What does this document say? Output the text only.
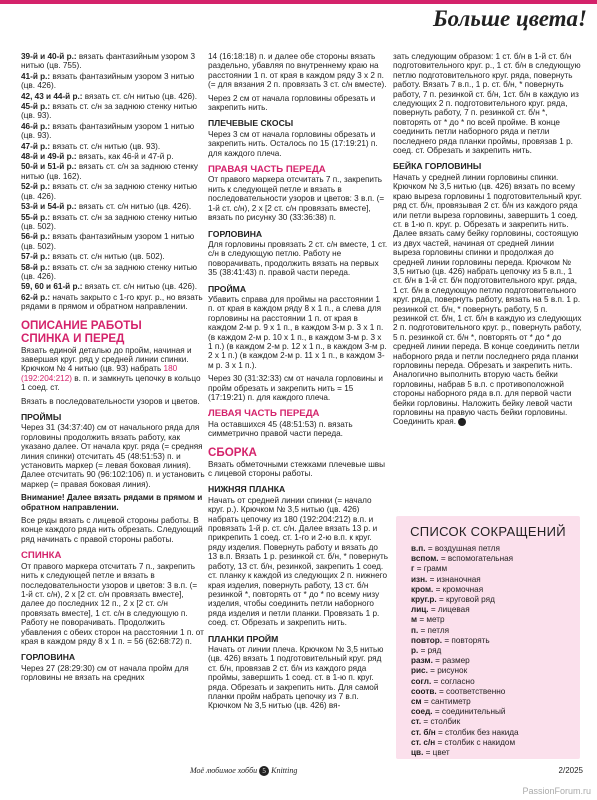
Больше цвета!

39-й и 40-й р.: вязать фантазийным узором 3 нитью (цв. 755).

41-й р.: вязать фантазийным узором 3 нитью (цв. 426).

42, 43 и 44-й р.: вязать ст. с/н нитью (цв. 426).

45-й р.: вязать ст. с/н за заднюю стенку нитью (цв. 93).

46-й р.: вязать фантазийным узором 1 нитью (цв. 93).

47-й р.: вязать ст. с/н нитью (цв. 93).

48-й и 49-й р.: вязать, как 46-й и 47-й р.

50-й и 51-й р.: вязать ст. с/н за заднюю стенку нитью (цв. 162).

52-й р.: вязать ст. с/н за заднюю стенку нитью (цв. 426).

53-й и 54-й р.: вязать ст. с/н нитью (цв. 426).

55-й р.: вязать ст. с/н за заднюю стенку нитью (цв. 502).

56-й р.: вязать фантазийным узором 1 нитью (цв. 502).

57-й р.: вязать ст. с/н нитью (цв. 502).

58-й р.: вязать ст. с/н за заднюю стенку нитью (цв. 426).

59, 60 и 61-й р.: вязать ст. с/н нитью (цв. 426).

62-й р.: начать закрыто с 1-го круг. р., но вязать рядами в прямом и обратном направлении.

ОПИСАНИЕ РАБОТЫ
СПИНКА И ПЕРЕД

Вязать единой деталью до пройм, начиная и завершая круг. ряд у средней линии спинки. Крючком № 4 нитью (цв. 93) набрать 180 (192:204:212) в. п. и замкнуть цепочку в кольцо 1 соед. ст.

Вязать в последовательности узоров и цветов.

ПРОЙМЫ

Через 31 (34:37:40) см от начального ряда для горловины продолжить вязать работу, как указано далее. От начала круг. ряда (= средняя линия спинки) отсчитать 45 (48:51:53) п. и установить маркер (= левая боковая линия). Далее отсчитать 90 (96:102:106) п. и установить маркер (= правая боковая линия).

Внимание! Далее вязать рядами в прямом и обратном направлении.

Все ряды вязать с лицевой стороны работы. В конце каждого ряда нить обрезать. Следующий ряд начинать с правой стороны работы.

СПИНКА

От правого маркера отсчитать 7 п., закрепить нить к следующей петле и вязать в последовательности узоров и цветов: 3 в.п. (= 1-й ст. с/н), 2 x [2 ст. с/н провязать вместе], далее до последних 12 п., 2 x [2 ст. с/н провязать вместе], 1 ст. с/н в следующую п. Работу не поворачивать. Продолжить убавления с обеих сторон на расстоянии 1 п. от края в каждом ряду 8 x 1 п. = 56 (62:68:72) п.

ГОРЛОВИНА

Через 27 (28:29:30) см от начала пройм для горловины не вязать на средних

14 (16:18:18) п. и далее обе стороны вязать раздельно, убавляя по внутреннему краю на расстоянии 1 п. от края в каждом ряду 3 x 2 п. (= для вязания 2 п. провязать 3 ст. с/н вместе).

Через 2 см от начала горловины обрезать и закрепить нить.

ПЛЕЧЕВЫЕ СКОСЫ

Через 3 см от начала горловины обрезать и закрепить нить. Осталось по 15 (17:19:21) п. для каждого плеча.

ПРАВАЯ ЧАСТЬ ПЕРЕДА

От правого маркера отсчитать 7 п., закрепить нить к следующей петле и вязать в последовательности узоров и цветов: 3 в.п. (= 1-й ст. с/н), 2 x [2 ст. с/н провязать вместе], вязать по рисунку 30 (33:36:38) п.

ГОРЛОВИНА

Для горловины провязать 2 ст. с/н вместе, 1 ст. с/н в следующую петлю. Работу не поворачивать, продолжить вязать на первых 35 (38:41:43) п. правой части переда.

ПРОЙМА

Убавить справа для проймы на расстоянии 1 п. от края в каждом ряду 8 x 1 п., а слева для горловины на расстоянии 1 п. от края в каждом 2-м р. 9 x 1 п., в каждом 3-м р. 3 x 1 п. (в каждом 2-м р. 10 x 1 п., в каждом 3-м р. 3 x 1 п.) (в каждом 2-м р. 12 x 1 п., в каждом 3-м р. 2 x 1 п.) (в каждом 2-м р. 11 x 1 п., в каждом 3-м р. 3 x 1 п.).

Через 30 (31:32:33) см от начала горловины и пройм обрезать и закрепить нить = 15 (17:19:21) п. для каждого плеча.

ЛЕВАЯ ЧАСТЬ ПЕРЕДА

На оставшихся 45 (48:51:53) п. вязать симметрично правой части переда.

СБОРКА

Вязать обметочными стежками плечевые швы с лицевой стороны работы.

НИЖНЯЯ ПЛАНКА

Начать от средней линии спинки (= начало круг. р.). Крючком № 3,5 нитью (цв. 426) набрать цепочку из 180 (192:204:212) в.п. и провязать 1-й р. ст. с/н. Далее вязать 13 р. и прикрепить 1 соед. ст. 1-го и 2-ю в.п. к круг. ряду изделия. Повернуть работу и вязать до 13 в.п. Вязать 1 р. резинкой ст. б/н, * повернуть работу, 13 ст. б/н, резинкой, закрепить 1 соед. ст. планку к каждой из следующих 2 п. нижнего края изделия, повернуть работу, 13 ст. б/н резинкой *, повторять от * до * по всему низу изделия, чтобы соединить петли наборного ряда изделия и петли планки. Провязать 1 р. соед. ст. Обрезать и закрепить нить.

ПЛАНКИ ПРОЙМ

Начать от линии плеча. Крючком № 3,5 нитью (цв. 426) вязать 1 подготовительный круг. ряд ст. б/н, провязав 2 ст. б/н из каждого ряда проймы, завершить 1 соед. ст. в 1-ю п. круг. ряда. Обрезать и закрепить нить. Для самой планки пройм набрать цепочку из 7 в.п. Крючком № 3,5 нитью (цв. 426) вя-

зать следующим образом: 1 ст. б/н в 1-й ст. б/н подготовительного круг. р., 1 ст. б/н в следующую петлю подготовительного круг. ряда, повернуть работу. Вязать 7 в.п., 1 р. ст. б/н, * повернуть работу, 7 п. резинкой ст. б/н, 1ст. б/н в каждую из следующих 2 п. подготовительного круг. ряда, повернуть работу, 7 п. резинкой ст. б/н *, повторять от * до * по всей пройме. В конце соединить петли наборного ряда и петли последнего ряда планки проймы, провязав 1 р. соед. ст. Обрезать и закрепить нить.

БЕЙКА ГОРЛОВИНЫ

Начать у средней линии горловины спинки. Крючком № 3,5 нитью (цв. 426) вязать по всему краю выреза горловины 1 подготовительный круг. ряд ст. б/н, провязывая 2 ст. б/н из каждого ряда или петли выреза горловины, завершить 1 соед. ст. в 1-ю п. круг. р. Обрезать и закрепить нить. Далее вязать саму бейку горловины, состоящую из двух частей, начиная от средней линии выреза горловины спинки и продолжая до средней линии горловины переда. Крючком № 3,5 нитью (цв. 426) набрать цепочку из 5 в.п., 1 ст. б/н в 1-й ст. б/н подготовительного круг. ряда, 1 ст. б/н в следующую петлю подготовительного круг. ряда, повернуть работу, вязать на 5 в.п. 1 р. резинкой ст. б/н, * повернуть работу, 5 п. резинкой ст. б/н, 1 ст. б/н в каждую из следующих 2 п. подготовительного круг. р., повернуть работу, 5 п. резинкой ст. б/н *, повторять от * до * до средней линии переда. В конце соединить петли наборного ряда и петли последнего ряда планки горловины переда. Обрезать и закрепить нить. Аналогично выполнить вторую часть бейки горловины, набрав 5 в.п. с противоположной стороны наборного ряда в.п. для первой части бейки горловины. Наложить бейку левой части горловины на правую часть бейки горловины. Соединить края.

СПИСОК СОКРАЩЕНИЙ
в.п. = воздушная петля
вспом. = вспомогательная
г = грамм
изн. = изнаночная
кром. = кромочная
круг.р. = круговой ряд
лиц. = лицевая
м = метр
п. = петля
повтор. = повторять
р. = ряд
разм. = размер
рис. = рисунок
согл. = согласно
соотв. = соответственно
см = сантиметр
соед. = соединительный
ст. = столбик
ст. б/н = столбик без накида
ст. с/н = столбик с накидом
цв. = цвет
Моё любимое хобби 5 Knitting	2/2025
PassionForum.ru
